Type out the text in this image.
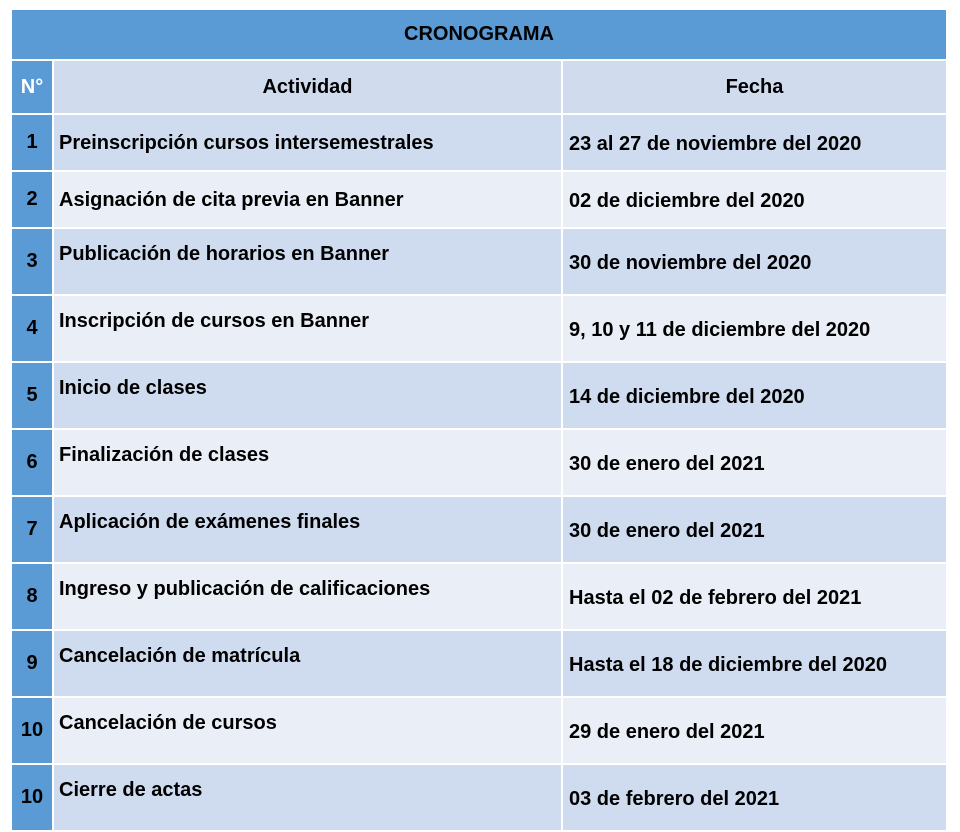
CRONOGRAMA		
N°	Actividad	Fecha
1	Preinscripción cursos intersemestrales	23 al 27 de noviembre del 2020
2	Asignación de cita previa en Banner	02 de diciembre del 2020
3	Publicación de horarios en Banner	30 de noviembre del 2020
4	Inscripción de cursos en Banner	9, 10 y 11 de diciembre del 2020
5	Inicio de clases	14 de diciembre del 2020
6	Finalización de clases	30 de enero del 2021
7	Aplicación de exámenes finales	30 de enero del 2021
8	Ingreso y publicación de calificaciones	Hasta el 02 de febrero del 2021
9	Cancelación de matrícula	Hasta el 18 de diciembre del 2020
10	Cancelación de cursos	29 de enero del 2021
10	Cierre de actas	03 de febrero del 2021
